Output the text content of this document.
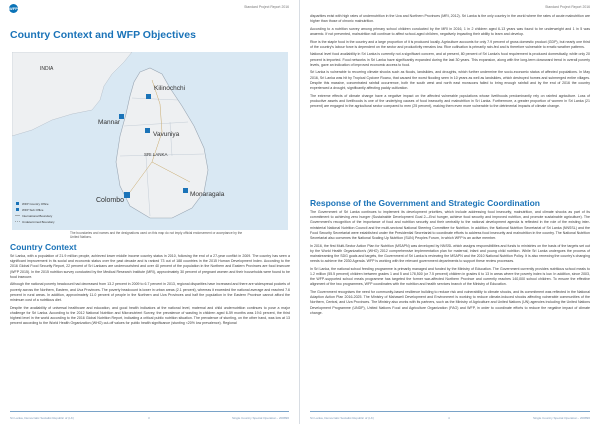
WFP	Standard Project Report 2016
Country Context and WFP Objectives
INDIA
SRI LANKA
Kilinochchi
Mannar
Vavuniya
Colombo
Monaragala
WFP Country Office
WFP Sub Office
International Boundary
Undetermined Boundary
The boundaries and names and the designations used on this map do not imply official endorsement or acceptance by the United Nations.
Country Context

Sri Lanka, with a population of 21.9 million people, achieved lower middle income country status in 2010, following the end of a 27-year conflict in 2009. The country has seen a significant improvement in its social and economic status over the past decade and is ranked 73 out of 188 countries in the 2015 Human Development Index. According to the 2016 Global Food Security Report, 22 percent of Sri Lankans are undernourished and over 40 percent of the population in the Northern and Eastern Provinces are food insecure (WFP 2015). In the 2015 nutrition survey conducted by the Medical Research Institute (MRI), approximately 30 percent of pregnant women and their households were found to be food insecure.

Although the national poverty headcount had decreased from 13.2 percent in 2009 to 6.7 percent in 2013, regional disparities have increased and there are widespread pockets of poverty across the Northern, Eastern, and Uva Provinces. The poverty headcount is lower in urban areas (2.1 percent), whereas it exceeded the national average and reached 7.6 percent in rural areas. In addition, approximately 11.0 percent of people in the Northern and Uva Provinces and half the population in the Eastern Province cannot afford the minimum cost of a nutritious diet.

Despite the availability of universal healthcare and education, and good health indicators at the national level, maternal and child undernutrition continues to pose a major challenge for Sri Lanka. According to the 2012 National Nutrition and Micronutrient Survey, the prevalence of wasting in children aged 6-59 months was 19.6 percent, the third highest level in the world according to the 2016 Global Nutrition Report, indicating a critical public nutrition situation. The prevalence of stunting, on the other hand, was low at 13 percent according to the World Health Organization (WHO) cut-off values for public health significance (stunting <20% low prevalence). Regional

Sri Lanka, Democratic Socialist Republic of (LK)	3	Single Country Special Operation - 200896
Standard Project Report 2016

disparities exist with high rates of undernutrition in the Uva and Northern Provinces (MRI, 2012). Sri Lanka is the only country in the world where the rates of acute malnutrition are higher than those of chronic malnutrition.

According to a nutrition survey among primary school children conducted by the MRI in 2016, 1 in 2 children aged 6-13 years was found to be underweight and 1 in 5 was anaemic. If not prevented, malnutrition will continue to affect school-aged children, negatively impacting their ability to learn and develop.

Rice is the staple food in the country and a large proportion of it is produced locally. Agriculture accounts for only 7.9 percent of gross domestic product (GDP), but nearly one third of the country's labour force is dependent on the sector and productivity remains low. Rice cultivation is primarily rain-fed and is therefore vulnerable to erratic weather patterns.

National level food availability in Sri Lanka is currently not a significant concern, and at present, 80 percent of Sri Lanka's food requirement is produced domestically, while only 20 percent is imported. Food networks in Sri Lanka have significantly expanded during the last 30 years. This expansion, along with the long-term downward trend in overall poverty levels, gave an indication of improved economic access to food.

Sri Lanka is vulnerable to recurring climate shocks such as floods, landslides, and droughts, which further undermine the socio-economic status of affected populations. In May 2016, Sri Lanka was hit by Tropical Cyclone Roanu, that caused the worst flooding seen in 10 years as well as landslides, which destroyed homes and submerged entire villages. Despite this massive, concentrated rainfall occurrence, both the south west and north east monsoons failed to bring enough rainfall and by the end of 2016 the country experienced a drought, significantly affecting paddy cultivation.

The extreme effects of climate change have a negative impact on the affected vulnerable populations whose livelihoods predominantly rely on rainfed agriculture. Loss of productive assets and livelihoods is one of the underlying causes of food insecurity and malnutrition in Sri Lanka. Furthermore, a greater proportion of women in Sri Lanka (21 percent) are engaged in the agricultural sector compared to men (25 percent), making them even more vulnerable to the detrimental impacts of climate change.

Response of the Government and Strategic Coordination

The Government of Sri Lanka continues to implement its development priorities, which include addressing food insecurity, malnutrition, and climate shocks as part of its commitment to achieving zero hunger (Sustainable Development Goal 2—End hunger, achieve food security and improved nutrition, and promote sustainable agriculture). The Government's recognition of the importance of food and nutrition security and their centrality to the national development agenda is reflected in the role of the existing inter-ministerial National Nutrition Council and the multi-sectoral National Steering Committee for Nutrition. In addition, the National Nutrition Secretariat of Sri Lanka (NNSSL) and the Food Security Secretariat were established under the Presidential Secretariat to coordinate efforts to address food insecurity and malnutrition in the country. The National Nutrition Secretariat also convenes the National Scaling Up Nutrition (SUN) Peoples Forum, in which WFP is an active member.

In 2016, the first Multi-Sector Action Plan for Nutrition (MSAPN) was developed by NNSSL which assigns responsibilities and funds to ministries on the basis of the targets set out by the World Health Organization's (WHO) 2012 comprehensive implementation plan for maternal, infant and young child nutrition. While Sri Lanka undergoes the process of mainstreaming the SDG goals and targets, the Government of Sri Lanka is reviewing the MSAPN and the 2010 National Nutrition Policy. It is also renewing the country's changing needs to achieve the 2030 Agenda. WFP is working with the relevant government departments to support these review processes.

In Sri Lanka, the national school feeding programme is primarily managed and funded by the Ministry of Education. The Government currently provides nutritious school meals to 1.2 million (55.5 percent) children between grades 1 and 5 and 178,500 (or 7.5 percent) children in grades 6 to 13 in areas where the poverty index is low. In addition, since 2003, the WFP-supported school meals programme has targeted the former war-affected Northern Province and currently reaches 140,000 school children. To ensure the effective alignment of the two programmes, WFP coordinates with the nutrition and health services branch of the Ministry of Education.

The Government recognises the need for community-based resilience building to reduce risk and vulnerability to climate shocks, and its commitment was reflected in the National Adaption Action Plan 2016-2025. The Ministry of Mahaweli Development and Environment is working to reduce climate-induced shocks affecting vulnerable communities of the Northern, Central, and Uva Provinces. The Ministry also works with its partners, such as the Ministry of Agriculture and United Nations (UN) agencies including the United Nations Development Programme (UNDP), United Nations Food and Agriculture Organization (FAO) and WFP, in order to coordinate efforts to reduce the negative impact of climate change.

Sri Lanka, Democratic Socialist Republic of (LK)	4	Single Country Special Operation - 200896
